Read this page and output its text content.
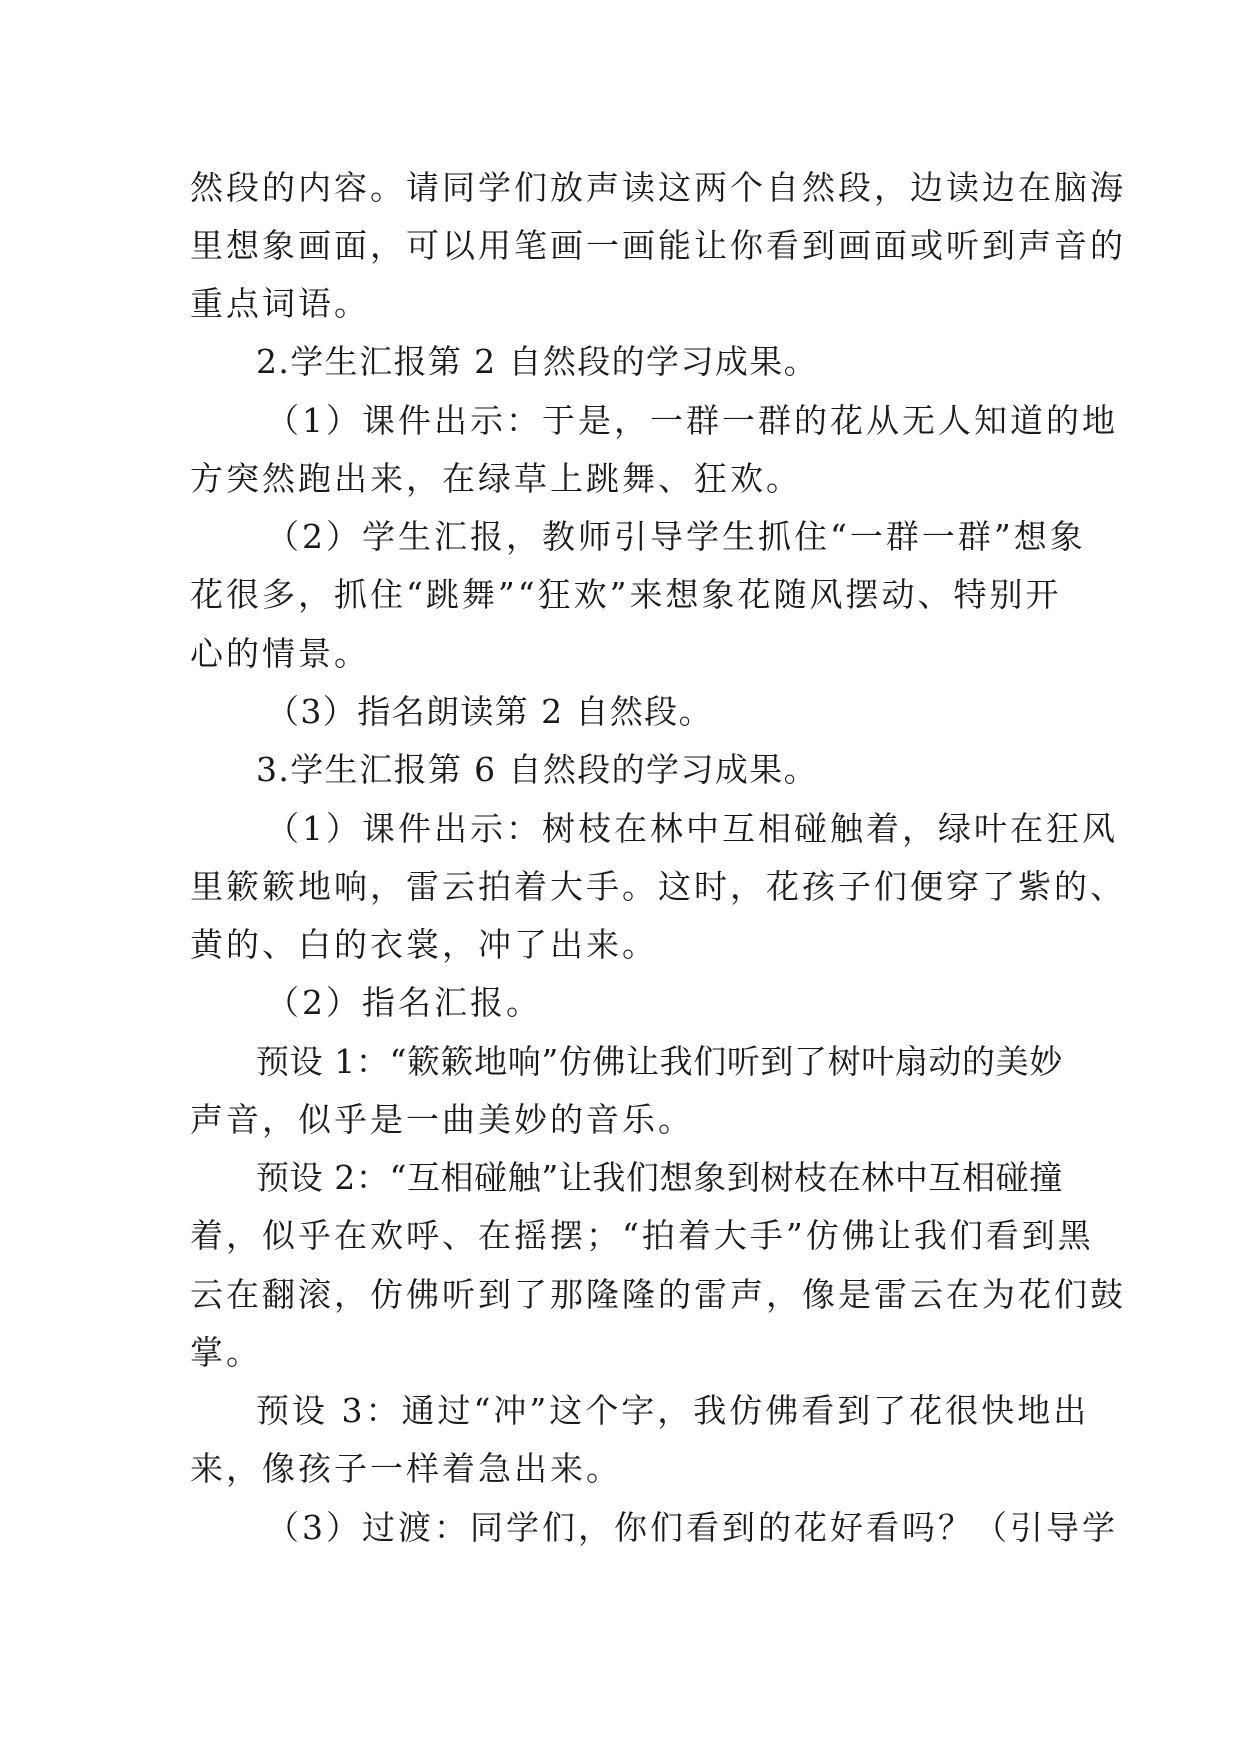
然段的内容。请同学们放声读这两个自然段，边读边在脑海
里想象画面，可以用笔画一画能让你看到画面或听到声音的
重点词语。
2.学生汇报第 2 自然段的学习成果。
（1）课件出示：于是，一群一群的花从无人知道的地
方突然跑出来，在绿草上跳舞、狂欢。
（2）学生汇报，教师引导学生抓住“一群一群”想象
花很多，抓住“跳舞”“狂欢”来想象花随风摆动、特别开
心的情景。
（3）指名朗读第 2 自然段。
3.学生汇报第 6 自然段的学习成果。
（1）课件出示：树枝在林中互相碰触着，绿叶在狂风
里簌簌地响，雷云拍着大手。这时，花孩子们便穿了紫的、
黄的、白的衣裳，冲了出来。
（2）指名汇报。
预设 1：“簌簌地响”仿佛让我们听到了树叶扇动的美妙
声音，似乎是一曲美妙的音乐。
预设 2：“互相碰触”让我们想象到树枝在林中互相碰撞
着，似乎在欢呼、在摇摆；“拍着大手”仿佛让我们看到黑
云在翻滚，仿佛听到了那隆隆的雷声，像是雷云在为花们鼓
掌。
预设 3：通过“冲”这个字，我仿佛看到了花很快地出
来，像孩子一样着急出来。
（3）过渡：同学们，你们看到的花好看吗？（引导学
